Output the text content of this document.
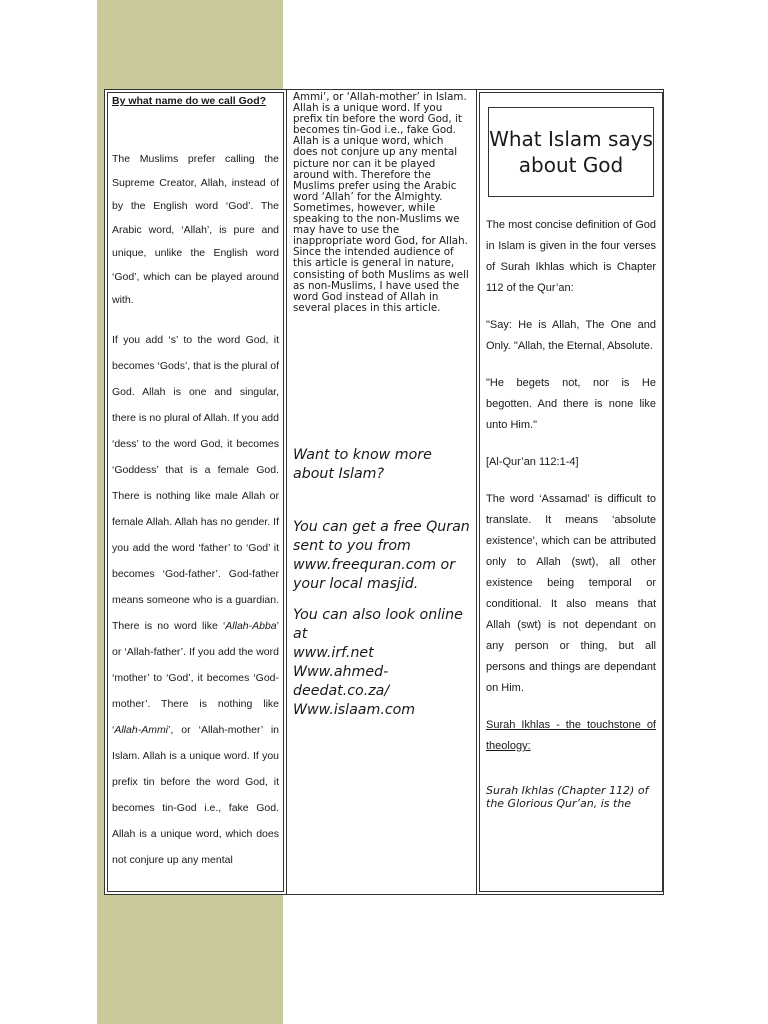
By what name do we call God?

The Muslims prefer calling the Supreme Creator, Allah, instead of by the English word ‘God’. The Arabic word, ‘Allah’, is pure and unique, unlike the English word ‘God’, which can be played around with.

If you add ‘s’ to the word God, it becomes ‘Gods’, that is the plural of God. Allah is one and singular, there is no plural of Allah. If you add ‘dess’ to the word God, it becomes ‘Goddess’ that is a female God. There is nothing like male Allah or female Allah. Allah has no gender. If you add the word ‘father’ to ‘God’ it becomes ‘God-father’. God-father means someone who is a guardian. There is no word like ‘Allah-Abba’ or ‘Allah-father’. If you add the word ‘mother’ to ‘God’, it becomes ‘God-mother’. There is nothing like ‘Allah-Ammi’, or ‘Allah-mother’ in Islam. Allah is a unique word. If you prefix tin before the word God, it becomes tin-God i.e., fake God. Allah is a unique word, which does not conjure up any mental

Ammi’, or ‘Allah-mother’ in Islam. Allah is a unique word. If you prefix tin before the word God, it becomes tin-God i.e., fake God. Allah is a unique word, which does not conjure up any mental picture nor can it be played around with. Therefore the Muslims prefer using the Arabic word ‘Allah’ for the Almighty. Sometimes, however, while speaking to the non-Muslims we may have to use the inappropriate word God, for Allah. Since the intended audience of this article is general in nature, consisting of both Muslims as well as non-Muslims, I have used the word God instead of Allah in several places in this article.

Want to know more about Islam?

You can get a free Quran sent to you from www.freequran.com or your local masjid.

You can also look online at
www.irf.net
Www.ahmed-deedat.co.za/
Www.islaam.com

What Islam says about God

The most concise definition of God in Islam is given in the four verses of Surah Ikhlas which is Chapter 112 of the Qur’an:

"Say: He is Allah, The One and Only. "Allah, the Eternal, Absolute.

"He begets not, nor is He begotten. And there is none like unto Him."

[Al-Qur’an 112:1-4]

The word ‘Assamad’ is difficult to translate. It means ‘absolute existence’, which can be attributed only to Allah (swt), all other existence being temporal or conditional. It also means that Allah (swt) is not dependant on any person or thing, but all persons and things are dependant on Him.

Surah Ikhlas - the touchstone of theology:

Surah Ikhlas (Chapter 112) of the Glorious Qur’an, is the
